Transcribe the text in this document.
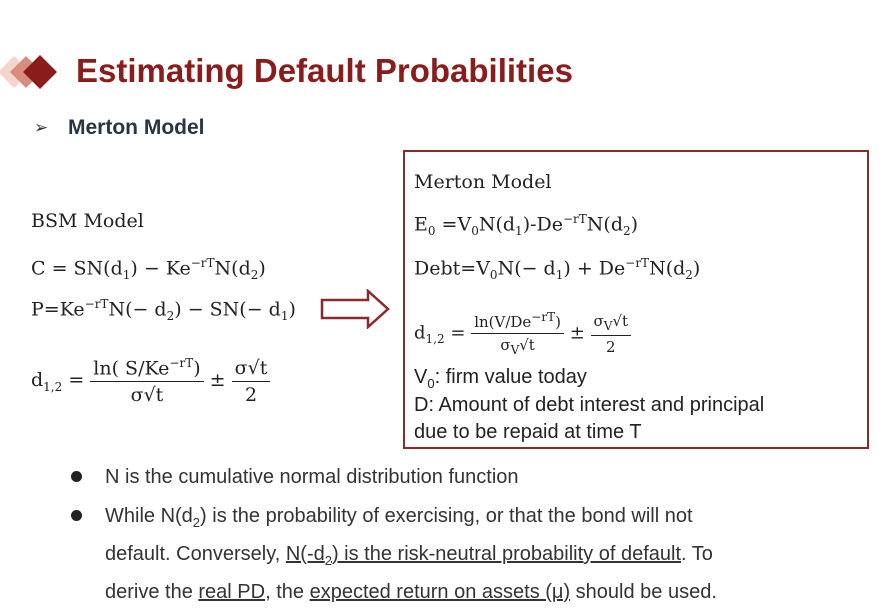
Estimating Default Probabilities
➢ Merton Model
BSM Model
$C = SN(d_1) - Ke^{-rT}N(d_2)$
$P=Ke^{-rT}N(- d_2) - SN(- d_1)$
$d_{1,2} = \frac{\ln( S/Ke^{-rT})}{\sigma√t} \pm \frac{\sigma√t}{2}$
Merton Model
$E_0 =V_0N(d_1)-De^{-rT}N(d_2)$
$Debt=V_0N(- d_1) + De^{-rT}N(d_2)$
$d_{1,2} = \frac{\ln(V/De^{-rT})}{\sigma_V√t} \pm \frac{\sigma_V√t}{2}$
$V_0$: firm value today
D: Amount of debt interest and principal
due to be repaid at time T
N is the cumulative normal distribution function
While $N(d_2)$ is the probability of exercising, or that the bond will not
default. Conversely, $N(-d_2)$ is the risk-neutral probability of default. To
derive the real PD, the expected return on assets (μ) should be used.
